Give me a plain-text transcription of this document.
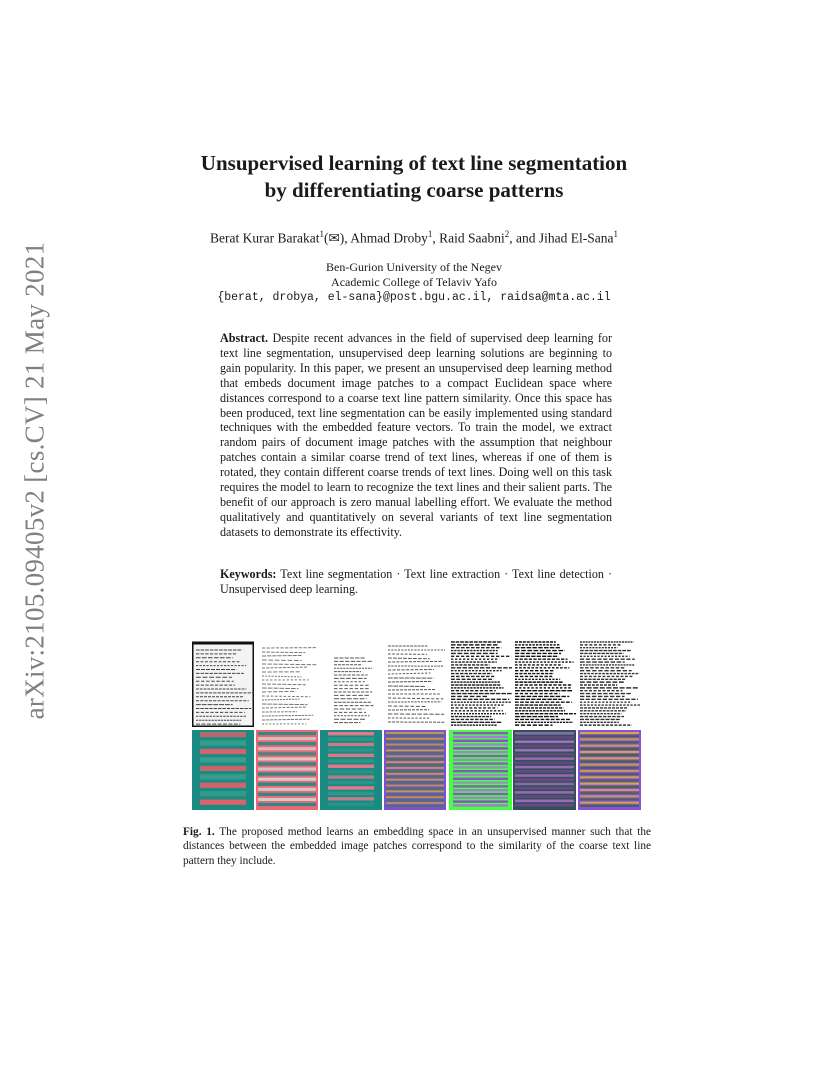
arXiv:2105.09405v2 [cs.CV] 21 May 2021
Unsupervised learning of text line segmentation
by differentiating coarse patterns
Berat Kurar Barakat$^1$(✉), Ahmad Droby$^1$, Raid Saabni$^2$, and Jihad El-Sana$^1$
Ben-Gurion University of the Negev
Academic College of Telaviv Yafo
{berat, drobya, el-sana}@post.bgu.ac.il, raidsa@mta.ac.il
Abstract. Despite recent advances in the field of supervised deep learning for text line segmentation, unsupervised deep learning solutions are beginning to gain popularity. In this paper, we present an unsupervised deep learning method that embeds document image patches to a compact Euclidean space where distances correspond to a coarse text line pattern similarity. Once this space has been produced, text line segmentation can be easily implemented using standard techniques with the embedded feature vectors. To train the model, we extract random pairs of document image patches with the assumption that neighbour patches contain a similar coarse trend of text lines, whereas if one of them is rotated, they contain different coarse trends of text lines. Doing well on this task requires the model to learn to recognize the text lines and their salient parts. The benefit of our approach is zero manual labelling effort. We evaluate the method qualitatively and quantitatively on several variants of text line segmentation datasets to demonstrate its effectivity.
Keywords: Text line segmentation · Text line extraction · Text line detection · Unsupervised deep learning.
Fig. 1. The proposed method learns an embedding space in an unsupervised manner such that the distances between the embedded image patches correspond to the similarity of the coarse text line pattern they include.
